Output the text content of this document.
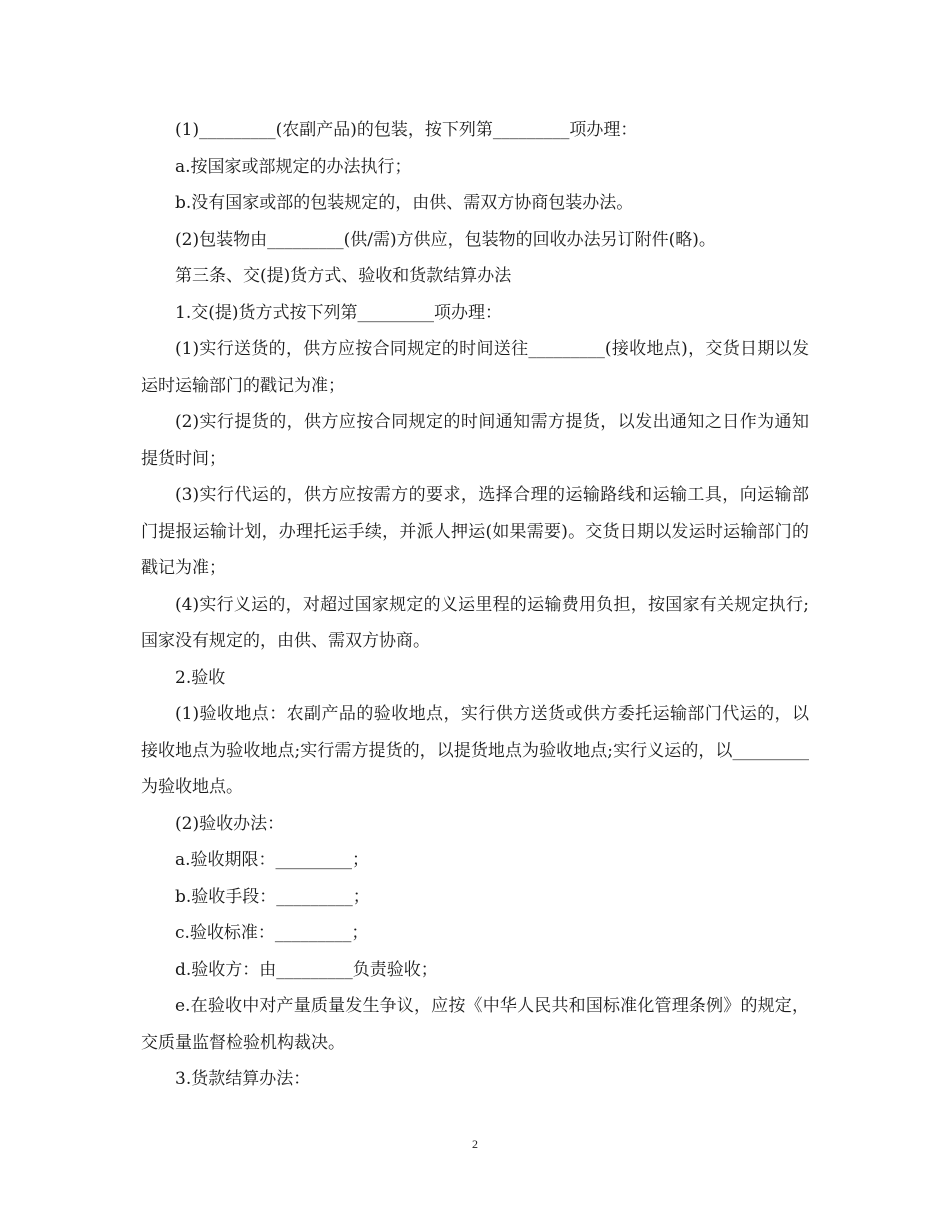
(1)_________(农副产品)的包装，按下列第_________项办理：

a.按国家或部规定的办法执行；

b.没有国家或部的包装规定的，由供、需双方协商包装办法。

(2)包装物由_________(供/需)方供应，包装物的回收办法另订附件(略)。

第三条、交(提)货方式、验收和货款结算办法

1.交(提)货方式按下列第_________项办理：

(1)实行送货的，供方应按合同规定的时间送往_________(接收地点)，交货日期以发运时运输部门的戳记为准；

(2)实行提货的，供方应按合同规定的时间通知需方提货，以发出通知之日作为通知提货时间；

(3)实行代运的，供方应按需方的要求，选择合理的运输路线和运输工具，向运输部门提报运输计划，办理托运手续，并派人押运(如果需要)。交货日期以发运时运输部门的戳记为准；

(4)实行义运的，对超过国家规定的义运里程的运输费用负担，按国家有关规定执行;国家没有规定的，由供、需双方协商。

2.验收

(1)验收地点：农副产品的验收地点，实行供方送货或供方委托运输部门代运的，以接收地点为验收地点;实行需方提货的，以提货地点为验收地点;实行义运的，以_________为验收地点。

(2)验收办法：

a.验收期限：_________；

b.验收手段：_________；

c.验收标准：_________；

d.验收方：由_________负责验收；

e.在验收中对产量质量发生争议，应按《中华人民共和国标准化管理条例》的规定，交质量监督检验机构裁决。

3.货款结算办法：

2
